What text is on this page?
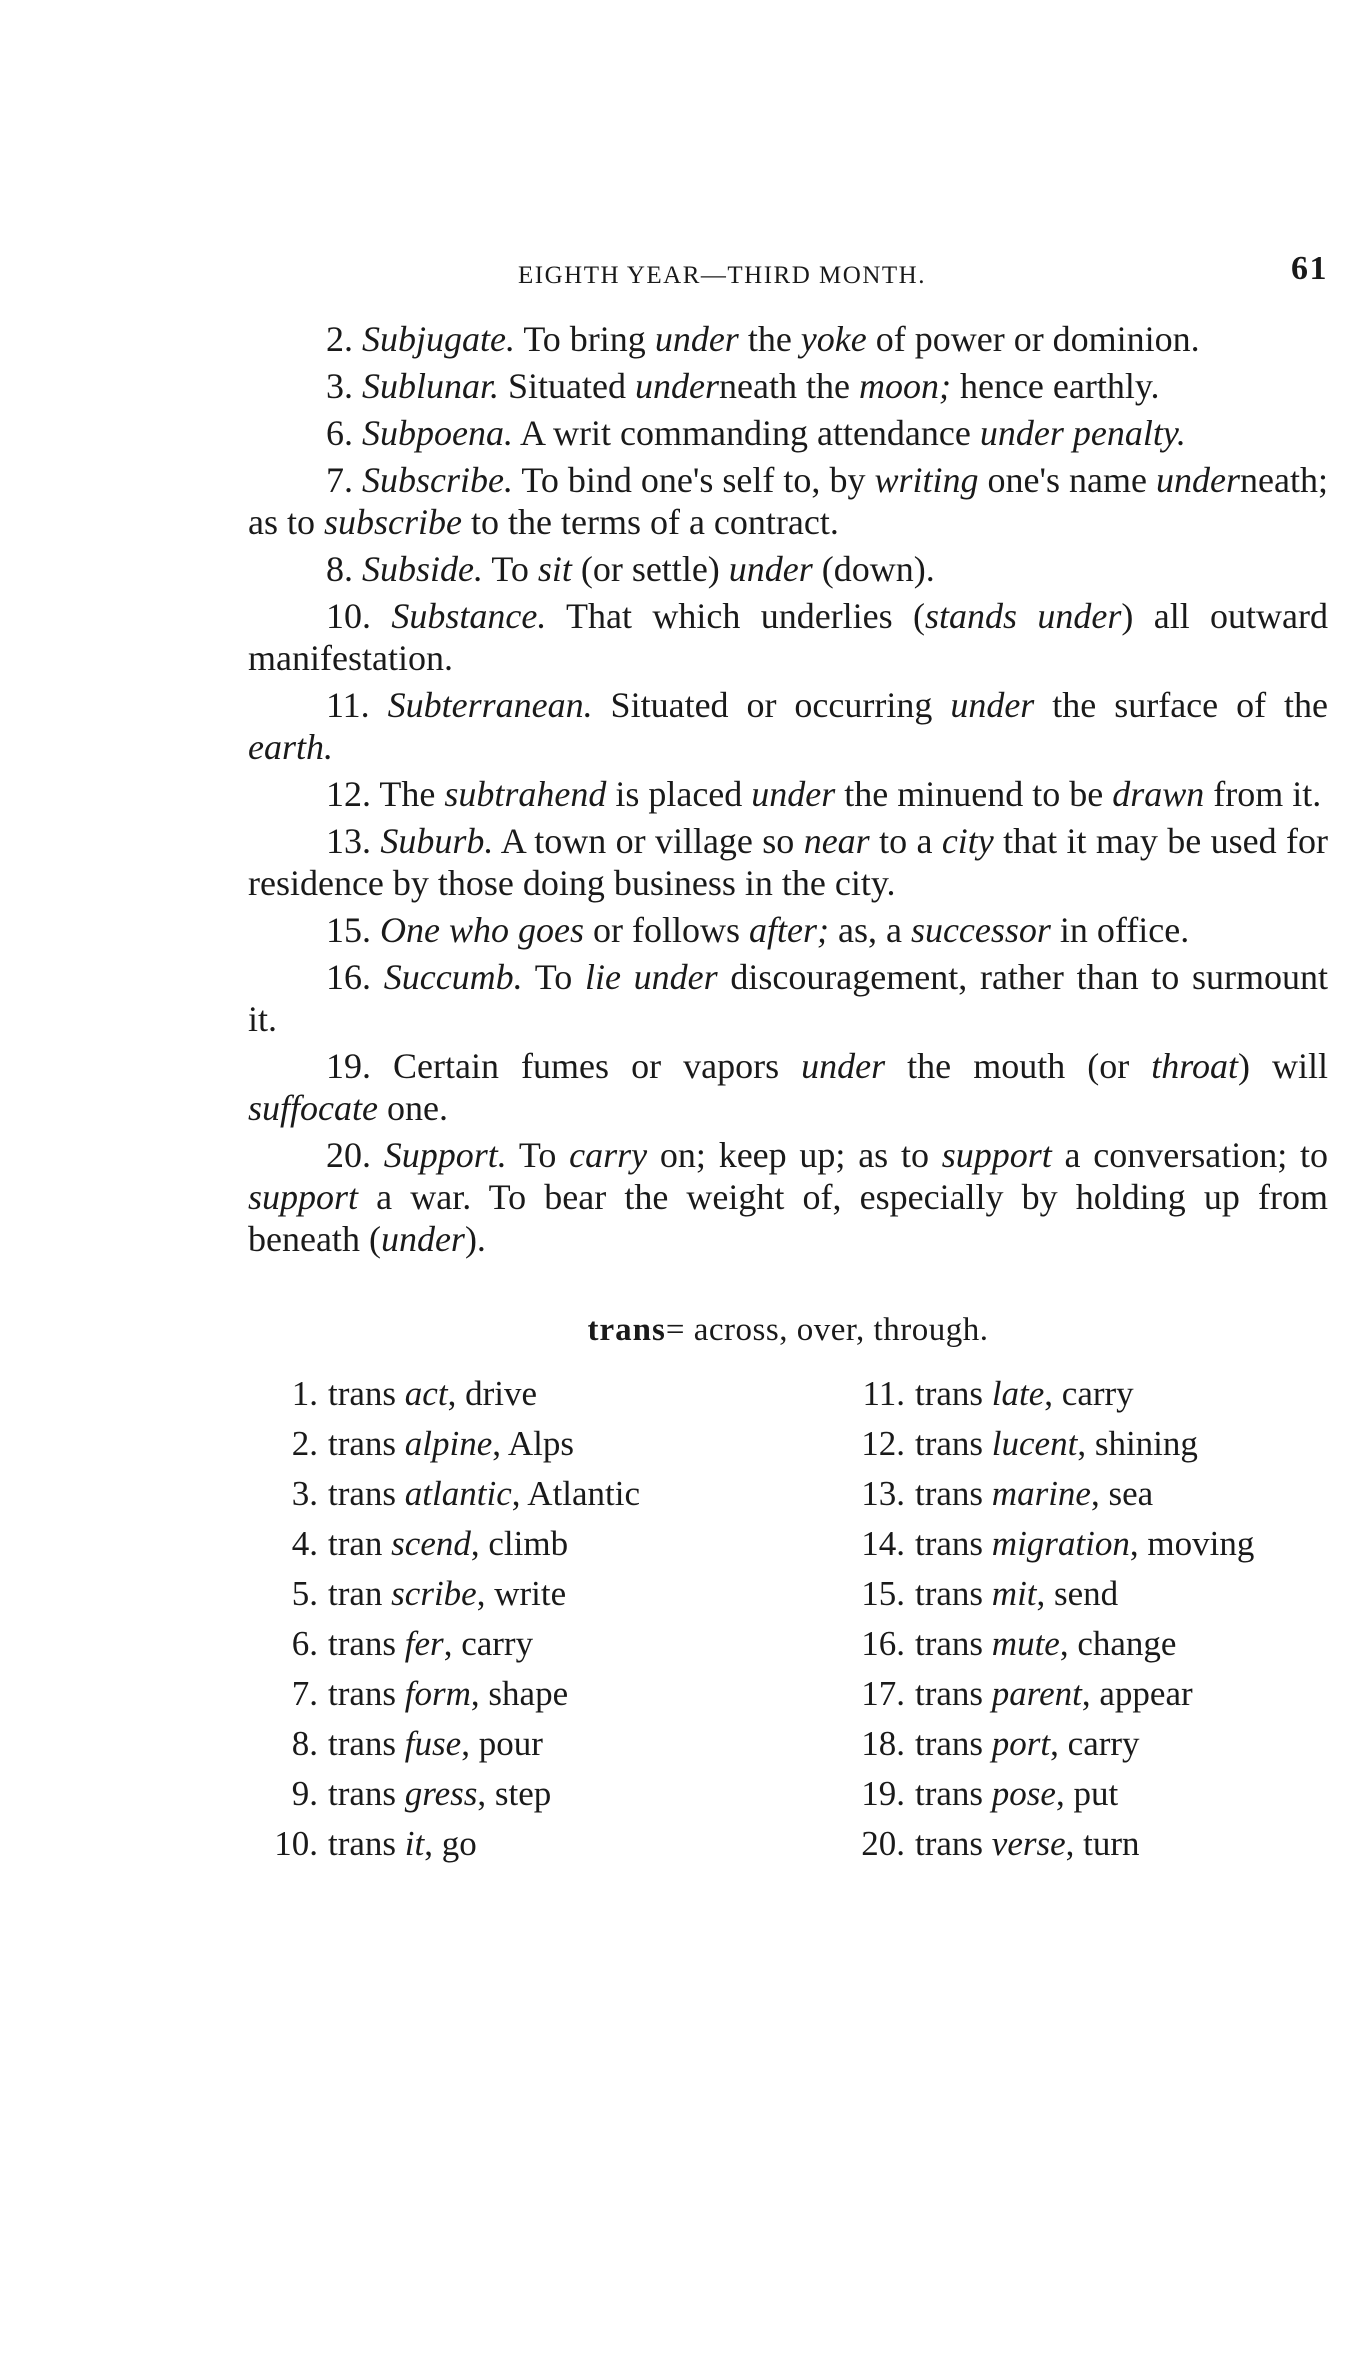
EIGHTH YEAR—THIRD MONTH.	61

2. Subjugate. To bring under the yoke of power or dominion.

3. Sublunar. Situated underneath the moon; hence earthly.

6. Subpoena. A writ commanding attendance under penalty.

7. Subscribe. To bind one's self to, by writing one's name underneath; as to subscribe to the terms of a contract.

8. Subside. To sit (or settle) under (down).

10. Substance. That which underlies (stands under) all outward manifestation.

11. Subterranean. Situated or occurring under the surface of the earth.

12. The subtrahend is placed under the minuend to be drawn from it.

13. Suburb. A town or village so near to a city that it may be used for residence by those doing business in the city.

15. One who goes or follows after; as, a successor in office.

16. Succumb. To lie under discouragement, rather than to surmount it.

19. Certain fumes or vapors under the mouth (or throat) will suffocate one.

20. Support. To carry on; keep up; as to support a conversation; to support a war. To bear the weight of, especially by holding up from beneath (under).

trans= across, over, through.
1. trans act, drive
2. trans alpine, Alps
3. trans atlantic, Atlantic
4. tran scend, climb
5. tran scribe, write
6. trans fer, carry
7. trans form, shape
8. trans fuse, pour
9. trans gress, step
10. trans it, go
11. trans late, carry
12. trans lucent, shining
13. trans marine, sea
14. trans migration, moving
15. trans mit, send
16. trans mute, change
17. trans parent, appear
18. trans port, carry
19. trans pose, put
20. trans verse, turn
